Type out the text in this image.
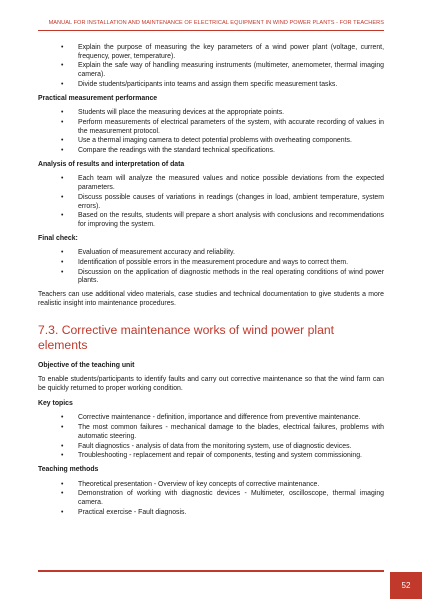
MANUAL FOR INSTALLATION AND MAINTENANCE OF ELECTRICAL EQUIPMENT IN WIND POWER PLANTS - FOR TEACHERS
• Explain the purpose of measuring the key parameters of a wind power plant (voltage, current, frequency, power, temperature).
• Explain the safe way of handling measuring instruments (multimeter, anemometer, thermal imaging camera).
• Divide students/participants into teams and assign them specific measurement tasks.
Practical measurement performance
• Students will place the measuring devices at the appropriate points.
• Perform measurements of electrical parameters of the system, with accurate recording of values in the measurement protocol.
• Use a thermal imaging camera to detect potential problems with overheating components.
• Compare the readings with the standard technical specifications.
Analysis of results and interpretation of data
• Each team will analyze the measured values and notice possible deviations from the expected parameters.
• Discuss possible causes of variations in readings (changes in load, ambient temperature, system errors).
• Based on the results, students will prepare a short analysis with conclusions and recommendations for improving the system.
Final check:
• Evaluation of measurement accuracy and reliability.
• Identification of possible errors in the measurement procedure and ways to correct them.
• Discussion on the application of diagnostic methods in the real operating conditions of wind power plants.
Teachers can use additional video materials, case studies and technical documentation to give students a more realistic insight into maintenance procedures.
7.3. Corrective maintenance works of wind power plant elements
Objective of the teaching unit
To enable students/participants to identify faults and carry out corrective maintenance so that the wind farm can be quickly returned to proper working condition.
Key topics
• Corrective maintenance - definition, importance and difference from preventive maintenance.
• The most common failures - mechanical damage to the blades, electrical failures, problems with automatic steering.
• Fault diagnostics - analysis of data from the monitoring system, use of diagnostic devices.
• Troubleshooting - replacement and repair of components, testing and system commissioning.
Teaching methods
• Theoretical presentation - Overview of key concepts of corrective maintenance.
• Demonstration of working with diagnostic devices - Multimeter, oscilloscope, thermal imaging camera.
• Practical exercise - Fault diagnosis.
52
